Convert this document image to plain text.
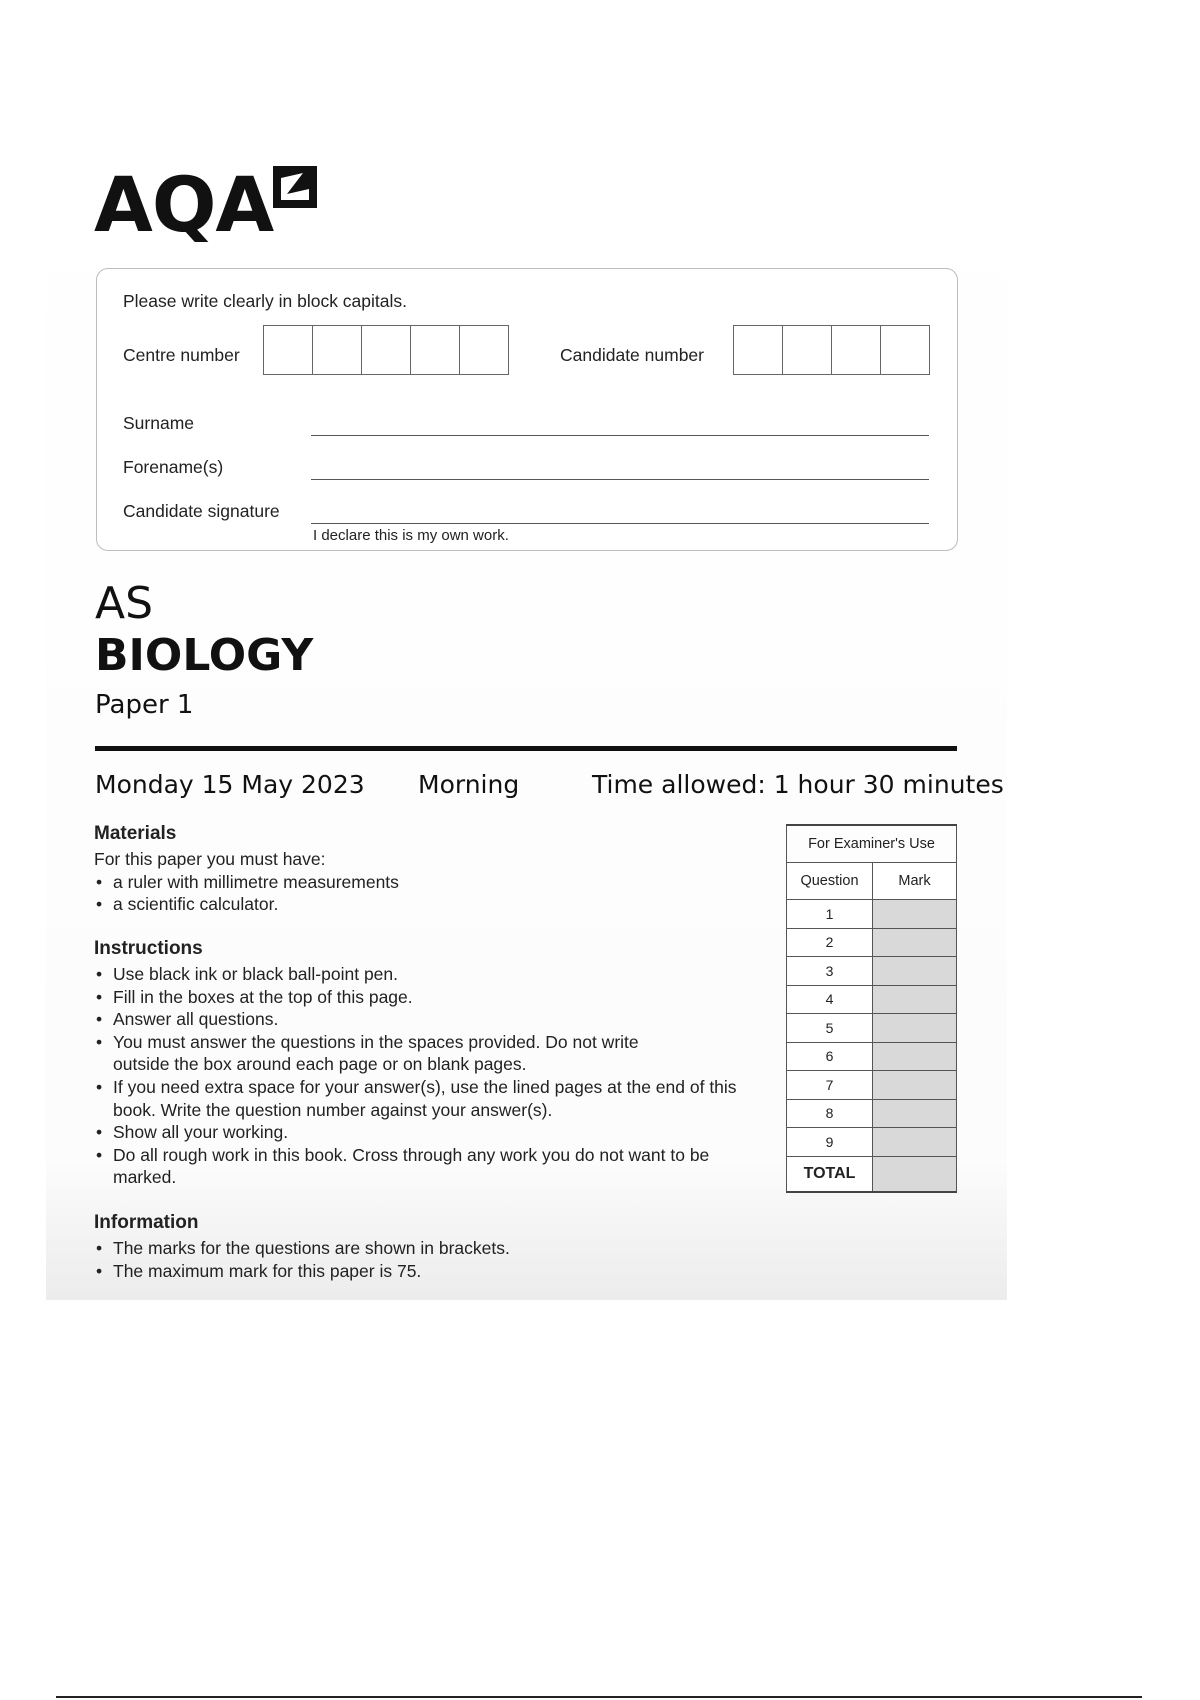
AQA
Please write clearly in block capitals.
Centre number	Candidate number
Surname
Forename(s)
Candidate signature
I declare this is my own work.
AS
BIOLOGY
Paper 1
Monday 15 May 2023 Morning	Time allowed: 1 hour 30 minutes
Materials

For this paper you must have:

• a ruler with millimetre measurements
• a scientific calculator.
Instructions
• Use black ink or black ball-point pen.
• Fill in the boxes at the top of this page.
• Answer all questions.
• You must answer the questions in the spaces provided. Do not write outside the box around each page or on blank pages.
• If you need extra space for your answer(s), use the lined pages at the end of this book. Write the question number against your answer(s).
• Show all your working.
• Do all rough work in this book. Cross through any work you do not want to be marked.
Information
• The marks for the questions are shown in brackets.
• The maximum mark for this paper is 75.
For Examiner's Use	
Question	Mark
1	
2	
3	
4	
5	
6	
7	
8	
9	
TOTAL	
